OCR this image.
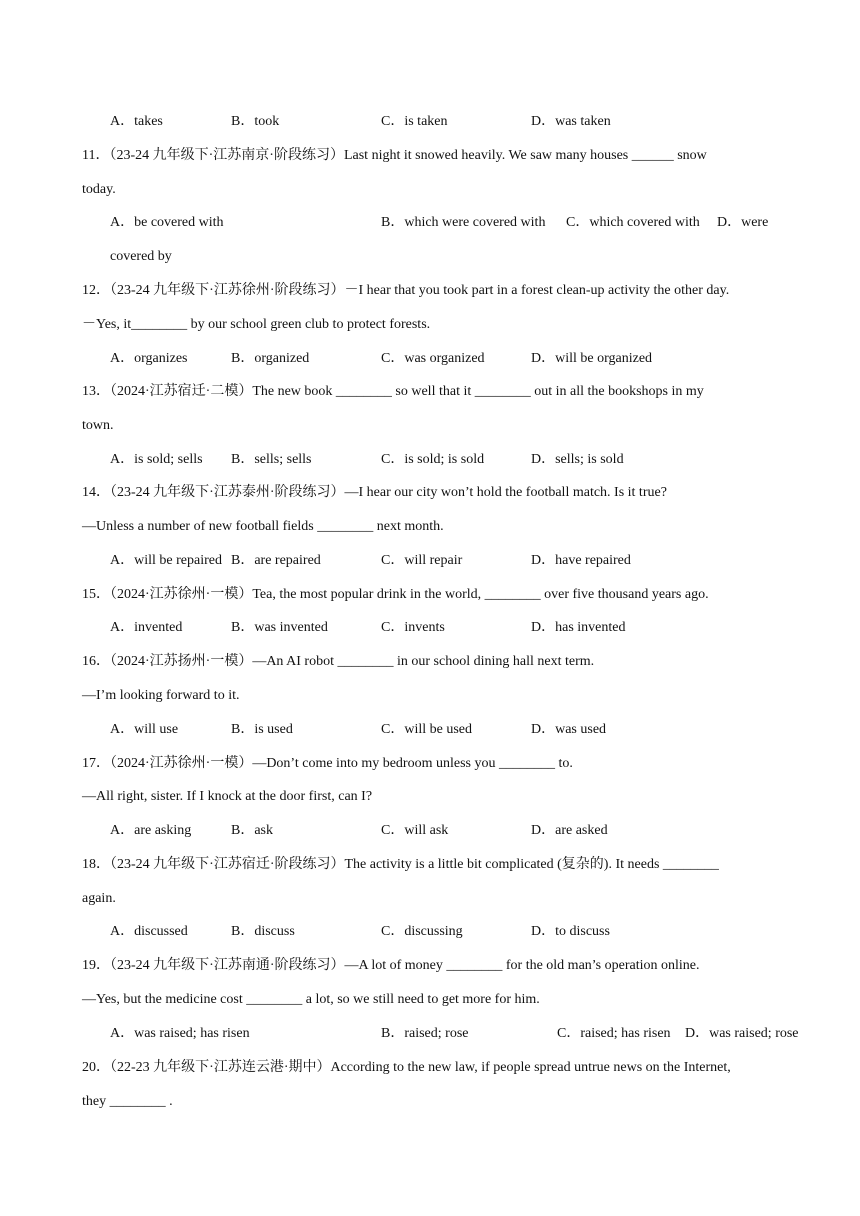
A．takes	B．took	C．is taken	D．was taken
11．（23-24 九年级下·江苏南京·阶段练习）Last night it snowed heavily. We saw many houses ______ snow
today.
A．be covered with	B．which were covered with C．which covered with D．were
covered by
12．（23-24 九年级下·江苏徐州·阶段练习）－I hear that you took part in a forest clean-up activity the other day.
－Yes, it________ by our school green club to protect forests.
A．organizes	B．organized	C．was organized	D．will be organized
13．（2024·江苏宿迁·二模）The new book ________ so well that it ________ out in all the bookshops in my
town.
A．is sold; sells B．sells; sells	C．is sold; is sold	D．sells; is sold
14．（23-24 九年级下·江苏泰州·阶段练习）—I hear our city won’t hold the football match. Is it true?
—Unless a number of new football fields ________ next month.
A．will be repaired B．are repaired	C．will repair	D．have repaired
15．（2024·江苏徐州·一模）Tea, the most popular drink in the world, ________ over five thousand years ago.
A．invented	B．was invented	C．invents	D．has invented
16．（2024·江苏扬州·一模）—An AI robot ________ in our school dining hall next term.
—I’m looking forward to it.
A．will use	B．is used	C．will be used	D．was used
17．（2024·江苏徐州·一模）—Don’t come into my bedroom unless you ________ to.
—All right, sister. If I knock at the door first, can I?
A．are asking	B．ask	C．will ask	D．are asked
18．（23-24 九年级下·江苏宿迁·阶段练习）The activity is a little bit complicated (复杂的). It needs ________
again.
A．discussed	B．discuss	C．discussing	D．to discuss
19．（23-24 九年级下·江苏南通·阶段练习）—A lot of money ________ for the old man’s operation online.
—Yes, but the medicine cost ________ a lot, so we still need to get more for him.
A．was raised; has risen	B．raised; rose	C．raised; has risen D．was raised; rose
20．（22-23 九年级下·江苏连云港·期中）According to the new law, if people spread untrue news on the Internet,
they ________ .
